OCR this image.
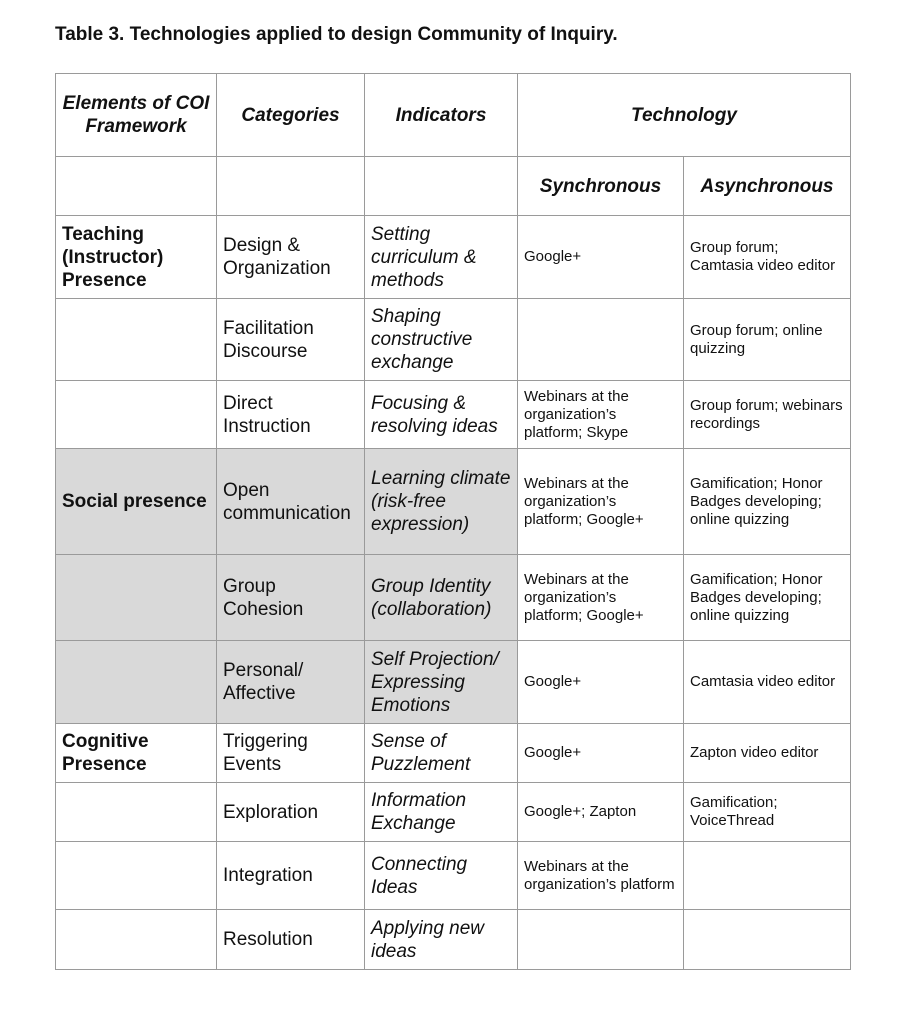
Table 3. Technologies applied to design Community of Inquiry.
Elements of COI Framework	Categories	Indicators	Technology	
			Synchronous	Asynchronous
Teaching (Instructor) Presence	Design & Organization	Setting curriculum & methods	Google+	Group forum; Camtasia video editor
	Facilitation Discourse	Shaping constructive exchange		Group forum; online quizzing
	Direct Instruction	Focusing & resolving ideas	Webinars at the organization’s platform; Skype	Group forum; webinars recordings
Social presence	Open communication	Learning climate (risk-free expression)	Webinars at the organization’s platform; Google+	Gamification; Honor Badges developing; online quizzing
	Group Cohesion	Group Identity (collaboration)	Webinars at the organization’s platform; Google+	Gamification; Honor Badges developing; online quizzing
	Personal/ Affective	Self Projection/ Expressing Emotions	Google+	Camtasia video editor
Cognitive Presence	Triggering Events	Sense of Puzzlement	Google+	Zapton video editor
	Exploration	Information Exchange	Google+; Zapton	Gamification; VoiceThread
	Integration	Connecting Ideas	Webinars at the organization’s platform	
	Resolution	Applying new ideas		
